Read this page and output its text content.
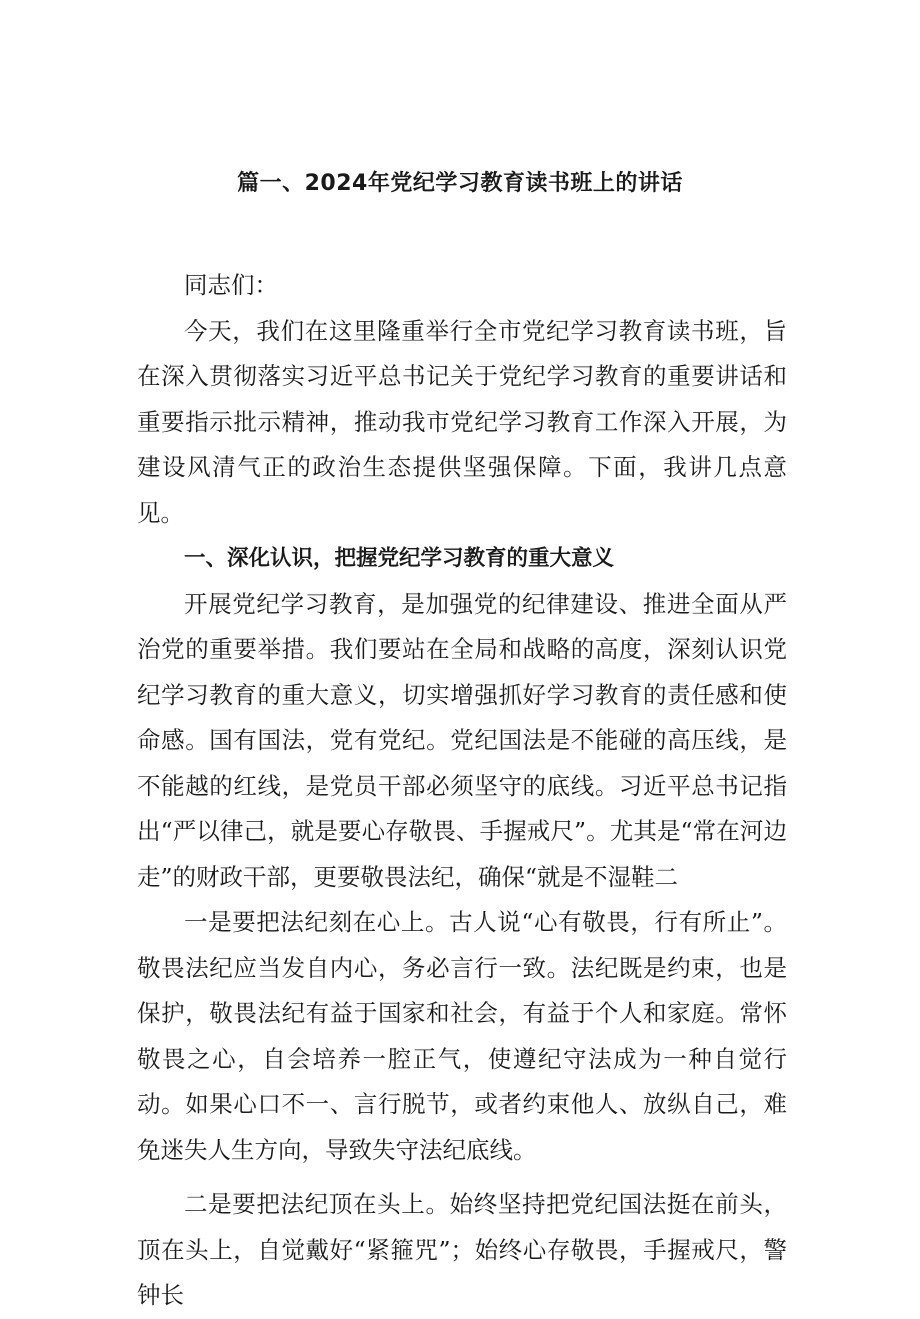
篇一、2024年党纪学习教育读书班上的讲话

同志们：

今天，我们在这里隆重举行全市党纪学习教育读书班，旨在深入贯彻落实习近平总书记关于党纪学习教育的重要讲话和重要指示批示精神，推动我市党纪学习教育工作深入开展，为建设风清气正的政治生态提供坚强保障。下面，我讲几点意见。

一、深化认识，把握党纪学习教育的重大意义

开展党纪学习教育，是加强党的纪律建设、推进全面从严治党的重要举措。我们要站在全局和战略的高度，深刻认识党纪学习教育的重大意义，切实增强抓好学习教育的责任感和使命感。国有国法，党有党纪。党纪国法是不能碰的高压线，是不能越的红线，是党员干部必须坚守的底线。习近平总书记指出“严以律己，就是要心存敬畏、手握戒尺”。尤其是“常在河边走”的财政干部，更要敬畏法纪，确保“就是不湿鞋二

一是要把法纪刻在心上。古人说“心有敬畏，行有所止”。敬畏法纪应当发自内心，务必言行一致。法纪既是约束，也是保护，敬畏法纪有益于国家和社会，有益于个人和家庭。常怀敬畏之心，自会培养一腔正气，使遵纪守法成为一种自觉行动。如果心口不一、言行脱节，或者约束他人、放纵自己，难免迷失人生方向，导致失守法纪底线。

二是要把法纪顶在头上。始终坚持把党纪国法挺在前头，顶在头上，自觉戴好“紧箍咒”；始终心存敬畏，手握戒尺，警钟长
